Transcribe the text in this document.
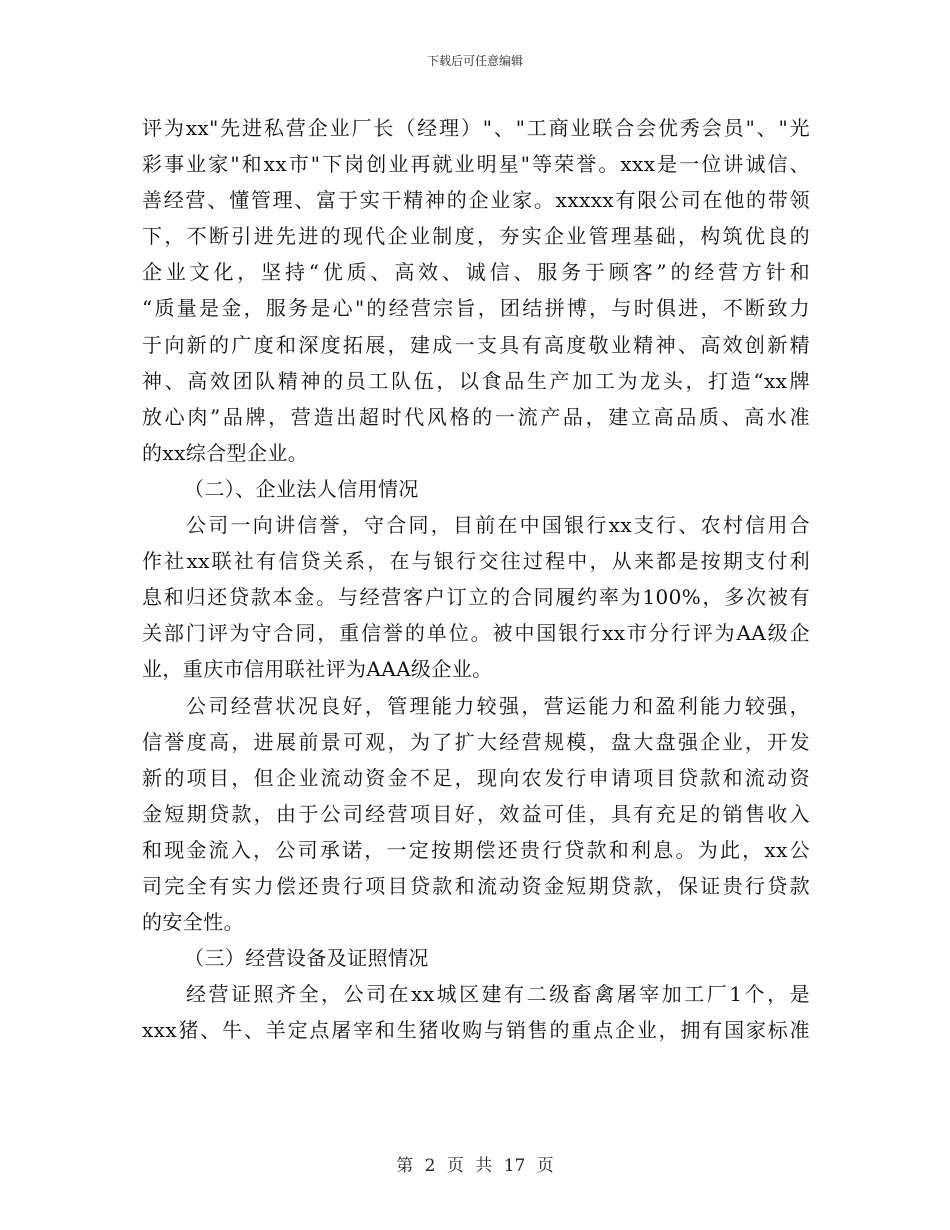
下载后可任意编辑
评为xx"先进私营企业厂长（经理）"、"工商业联合会优秀会员"、"光
彩事业家"和xx市"下岗创业再就业明星"等荣誉。xxx是一位讲诚信、
善经营、懂管理、富于实干精神的企业家。xxxxx有限公司在他的带领
下，不断引进先进的现代企业制度，夯实企业管理基础，构筑优良的
企业文化，坚持“优质、高效、诚信、服务于顾客”的经营方针和
“质量是金，服务是心"的经营宗旨，团结拼博，与时俱进，不断致力
于向新的广度和深度拓展，建成一支具有高度敬业精神、高效创新精
神、高效团队精神的员工队伍，以食品生产加工为龙头，打造“xx牌
放心肉”品牌，营造出超时代风格的一流产品，建立高品质、高水准
的xx综合型企业。
（二）、企业法人信用情况
公司一向讲信誉，守合同，目前在中国银行xx支行、农村信用合
作社xx联社有信贷关系，在与银行交往过程中，从来都是按期支付利
息和归还贷款本金。与经营客户订立的合同履约率为100%，多次被有
关部门评为守合同，重信誉的单位。被中国银行xx市分行评为AA级企
业，重庆市信用联社评为AAA级企业。
公司经营状况良好，管理能力较强，营运能力和盈利能力较强，
信誉度高，进展前景可观，为了扩大经营规模，盘大盘强企业，开发
新的项目，但企业流动资金不足，现向农发行申请项目贷款和流动资
金短期贷款，由于公司经营项目好，效益可佳，具有充足的销售收入
和现金流入，公司承诺，一定按期偿还贵行贷款和利息。为此，xx公
司完全有实力偿还贵行项目贷款和流动资金短期贷款，保证贵行贷款
的安全性。
（三）经营设备及证照情况
经营证照齐全，公司在xx城区建有二级畜禽屠宰加工厂1个，是
xxx猪、牛、羊定点屠宰和生猪收购与销售的重点企业，拥有国家标准
第 2 页 共 17 页
